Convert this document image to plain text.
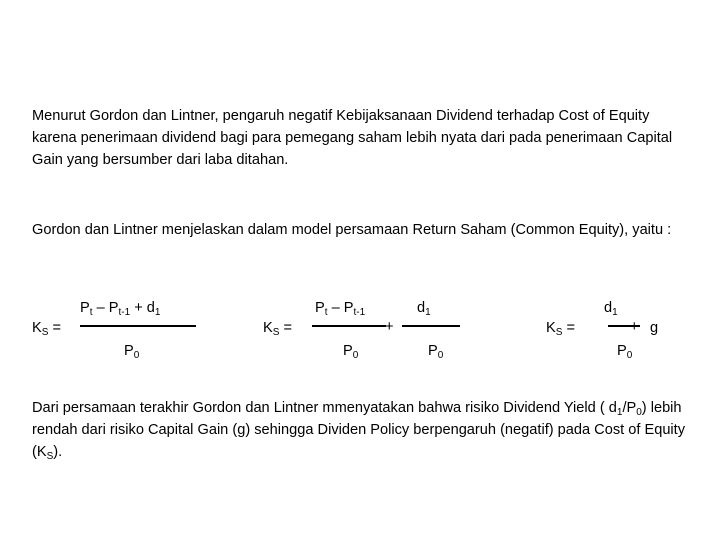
Menurut Gordon dan Lintner, pengaruh negatif Kebijaksanaan Dividend terhadap Cost of Equity karena penerimaan dividend bagi para pemegang saham lebih nyata dari pada penerimaan Capital Gain yang bersumber dari laba ditahan.

Gordon dan Lintner menjelaskan dalam model persamaan Return Saham (Common Equity), yaitu :

$K_S$ =
$P_t - P_{t-1} + d_1$
$P_0$
$K_S$ =
$P_t - P_{t-1}$
$P_0$
+
$d_1$
$P_0$
$K_S$ =
$d_1$
$P_0$
+ g

Dari persamaan terakhir Gordon dan Lintner mmenyatakan bahwa risiko Dividend Yield ( $d_1/P_0$) lebih rendah dari risiko Capital Gain (g) sehingga Dividen Policy berpengaruh (negatif) pada Cost of Equity $(K_S)$.
